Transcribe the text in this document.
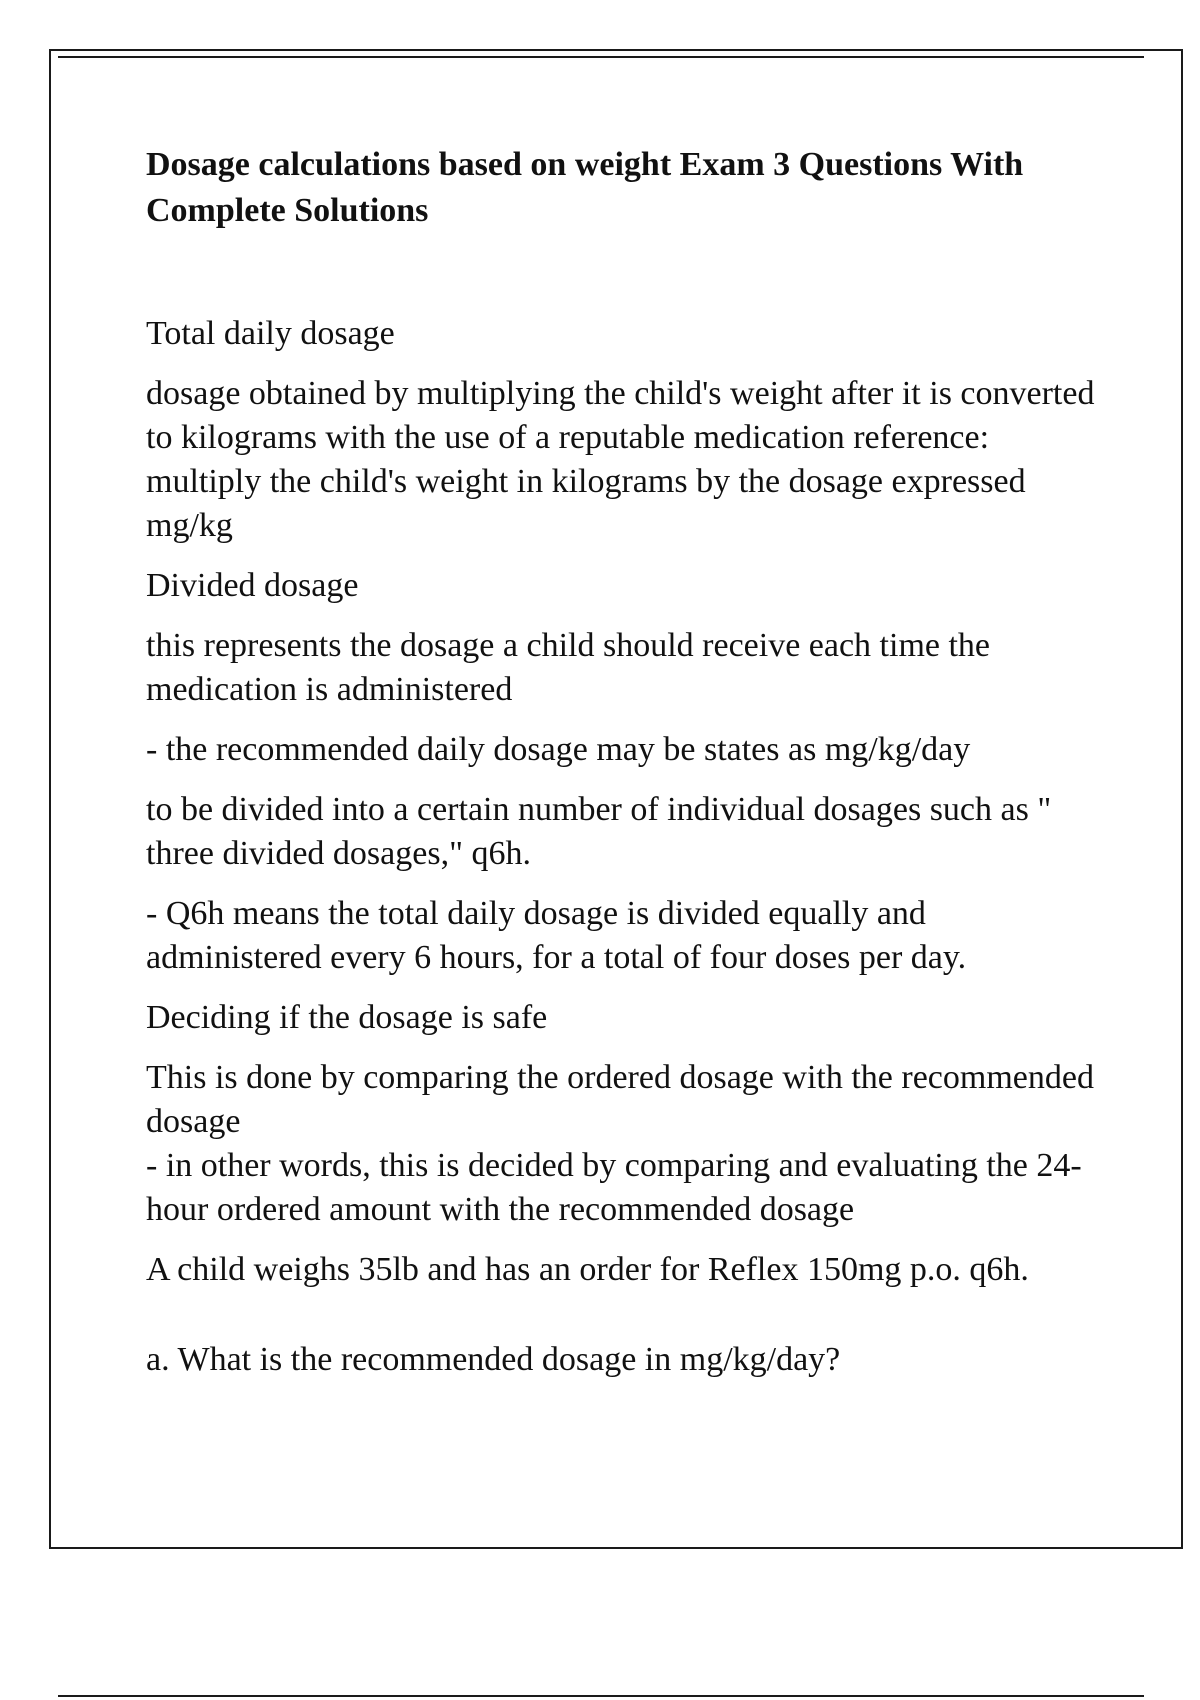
Dosage calculations based on weight Exam 3 Questions With Complete Solutions

Total daily dosage

dosage obtained by multiplying the child's weight after it is converted to kilograms with the use of a reputable medication reference: multiply the child's weight in kilograms by the dosage expressed mg/kg

Divided dosage

this represents the dosage a child should receive each time the medication is administered

- the recommended daily dosage may be states as mg/kg/day

to be divided into a certain number of individual dosages such as " three divided dosages," q6h.

- Q6h means the total daily dosage is divided equally and administered every 6 hours, for a total of four doses per day.

Deciding if the dosage is safe

This is done by comparing the ordered dosage with the recommended dosage

- in other words, this is decided by comparing and evaluating the 24-hour ordered amount with the recommended dosage

A child weighs 35lb and has an order for Reflex 150mg p.o. q6h.

a. What is the recommended dosage in mg/kg/day?
